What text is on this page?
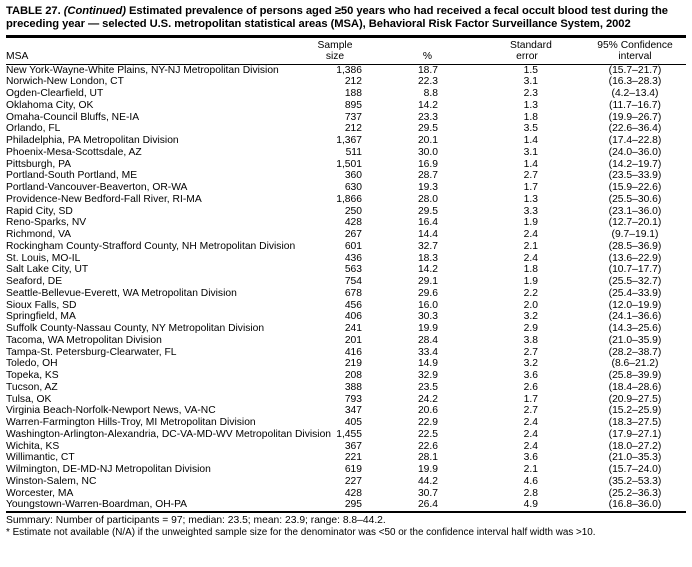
TABLE 27. (Continued) Estimated prevalence of persons aged ≥50 years who had received a fecal occult blood test during the preceding year — selected U.S. metropolitan statistical areas (MSA), Behavioral Risk Factor Surveillance System, 2002

MSA	
Sample
size	%	
Standard
error

95% Confidence
interval

New York-Wayne-White Plains, NY-NJ Metropolitan Division	1,386	18.7	1.5	(15.7–21.7)
Norwich-New London, CT	212	22.3	3.1	(16.3–28.3)
Ogden-Clearfield, UT	188	8.8	2.3	(4.2–13.4)
Oklahoma City, OK	895	14.2	1.3	(11.7–16.7)
Omaha-Council Bluffs, NE-IA	737	23.3	1.8	(19.9–26.7)
Orlando, FL	212	29.5	3.5	(22.6–36.4)
Philadelphia, PA Metropolitan Division	1,367	20.1	1.4	(17.4–22.8)
Phoenix-Mesa-Scottsdale, AZ	511	30.0	3.1	(24.0–36.0)
Pittsburgh, PA	1,501	16.9	1.4	(14.2–19.7)
Portland-South Portland, ME	360	28.7	2.7	(23.5–33.9)
Portland-Vancouver-Beaverton, OR-WA	630	19.3	1.7	(15.9–22.6)
Providence-New Bedford-Fall River, RI-MA	1,866	28.0	1.3	(25.5–30.6)
Rapid City, SD	250	29.5	3.3	(23.1–36.0)
Reno-Sparks, NV	428	16.4	1.9	(12.7–20.1)
Richmond, VA	267	14.4	2.4	(9.7–19.1)
Rockingham County-Strafford County, NH Metropolitan Division	601	32.7	2.1	(28.5–36.9)
St. Louis, MO-IL	436	18.3	2.4	(13.6–22.9)
Salt Lake City, UT	563	14.2	1.8	(10.7–17.7)
Seaford, DE	754	29.1	1.9	(25.5–32.7)
Seattle-Bellevue-Everett, WA Metropolitan Division	678	29.6	2.2	(25.4–33.9)
Sioux Falls, SD	456	16.0	2.0	(12.0–19.9)
Springfield, MA	406	30.3	3.2	(24.1–36.6)
Suffolk County-Nassau County, NY Metropolitan Division	241	19.9	2.9	(14.3–25.6)
Tacoma, WA Metropolitan Division	201	28.4	3.8	(21.0–35.9)
Tampa-St. Petersburg-Clearwater, FL	416	33.4	2.7	(28.2–38.7)
Toledo, OH	219	14.9	3.2	(8.6–21.2)
Topeka, KS	208	32.9	3.6	(25.8–39.9)
Tucson, AZ	388	23.5	2.6	(18.4–28.6)
Tulsa, OK	793	24.2	1.7	(20.9–27.5)
Virginia Beach-Norfolk-Newport News, VA-NC	347	20.6	2.7	(15.2–25.9)
Warren-Farmington Hills-Troy, MI Metropolitan Division	405	22.9	2.4	(18.3–27.5)
Washington-Arlington-Alexandria, DC-VA-MD-WV Metropolitan Division	1,455	22.5	2.4	(17.9–27.1)
Wichita, KS	367	22.6	2.4	(18.0–27.2)
Willimantic, CT	221	28.1	3.6	(21.0–35.3)
Wilmington, DE-MD-NJ Metropolitan Division	619	19.9	2.1	(15.7–24.0)
Winston-Salem, NC	227	44.2	4.6	(35.2–53.3)
Worcester, MA	428	30.7	2.8	(25.2–36.3)
Youngstown-Warren-Boardman, OH-PA	295	26.4	4.9	(16.8–36.0)

Summary: Number of participants = 97; median: 23.5; mean: 23.9; range: 8.8–44.2.

* Estimate not available (N/A) if the unweighted sample size for the denominator was <50 or the confidence interval half width was >10.
